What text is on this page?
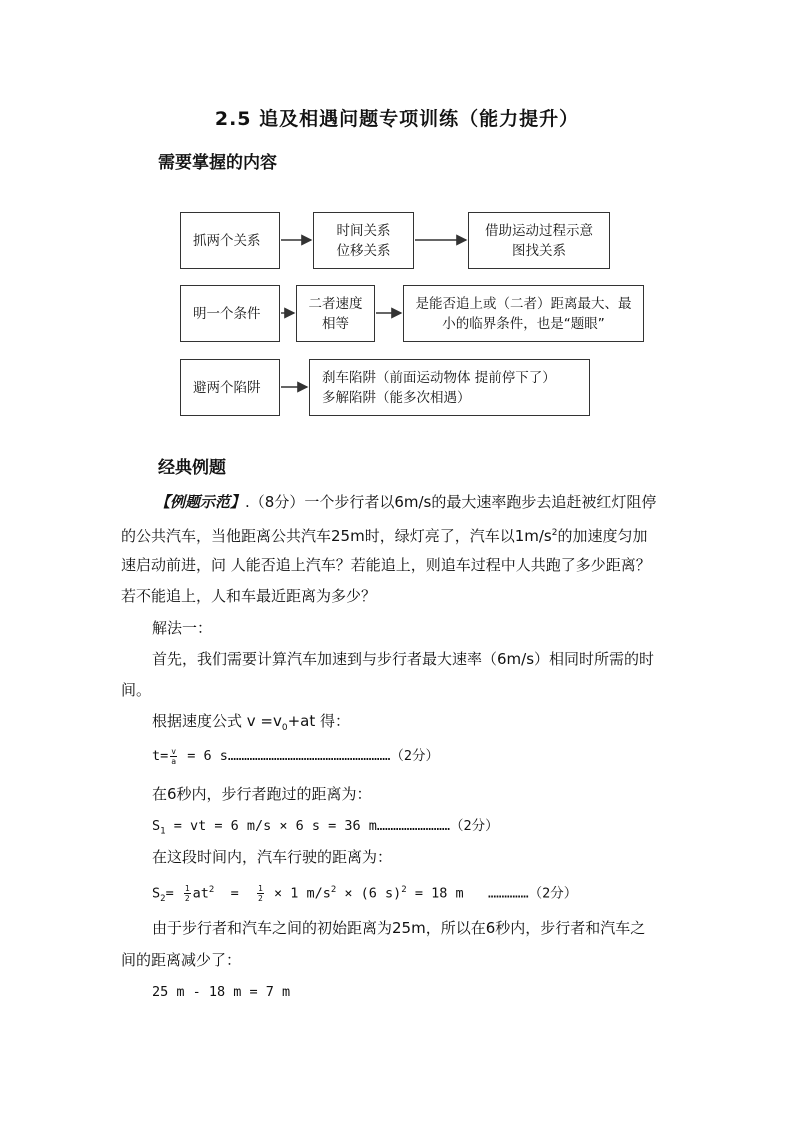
2.5 追及相遇问题专项训练（能力提升）
需要掌握的内容
抓两个关系
时间关系
位移关系
借助运动过程示意
图找关系
明一个条件
二者速度
相等
是能否追上或（二者）距离最大、最
小的临界条件，也是“题眼”
避两个陷阱
刹车陷阱（前面运动物体 提前停下了）
多解陷阱（能多次相遇）
经典例题
【例题示范】.（8分）一个步行者以6m/s的最大速率跑步去追赶被红灯阻停
的公共汽车，当他距离公共汽车25m时，绿灯亮了，汽车以$1m/s^2$的加速度匀加
速启动前进，问 人能否追上汽车？若能追上，则追车过程中人共跑了多少距离？
若不能追上，人和车最近距离为多少？
解法一：
首先，我们需要计算汽车加速到与步行者最大速率（6m/s）相同时所需的时
间。
根据速度公式 $v =v_0+at$ 得：
$t= \frac{v}{a} = 6$ s……………………………………………………（2分）
在6秒内，步行者跑过的距离为：
$S_1$ = vt = 6 m/s × 6 s = 36 m………………………（2分）
在这段时间内，汽车行驶的距离为：
$S_2= \frac{1}{2} at^2 = \frac{1}{2} \times 1$ $m/s^2 \times (6$ s)$^2$ = 18 m   ……………（2分）
由于步行者和汽车之间的初始距离为25m，所以在6秒内，步行者和汽车之
间的距离减少了：
25 m - 18 m = 7 m
